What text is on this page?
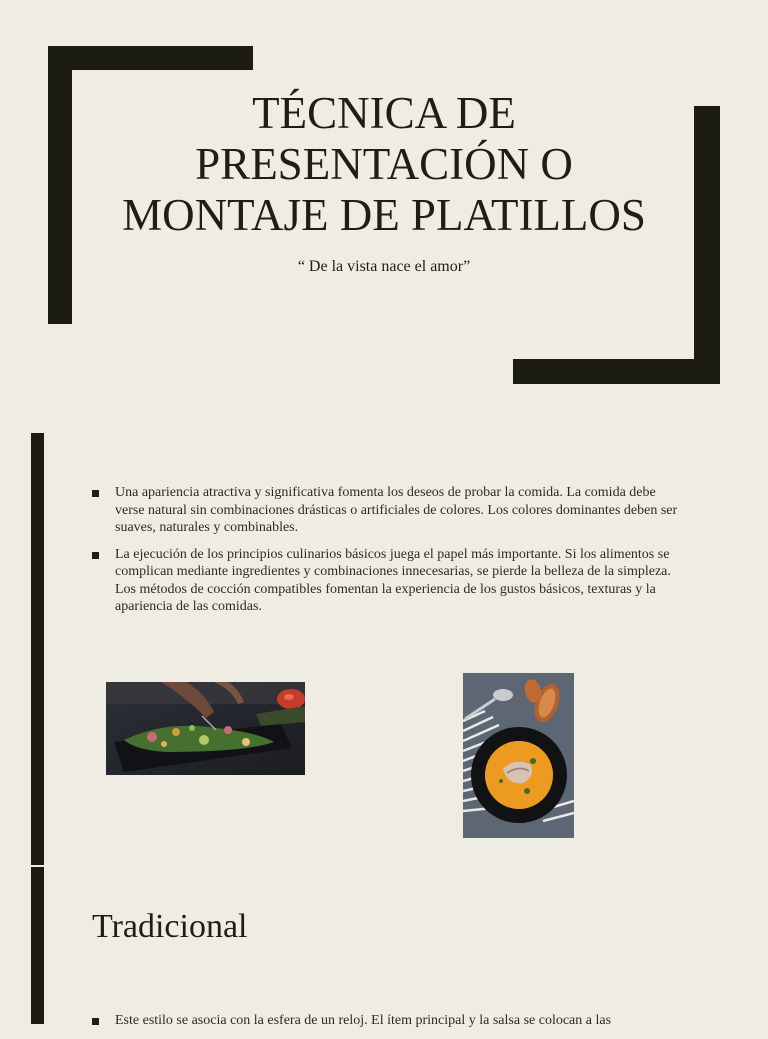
TÉCNICA DE
PRESENTACIÓN O
MONTAJE DE PLATILLOS
“ De la vista nace el amor”
Una apariencia atractiva y significativa fomenta los deseos de probar la comida. La comida debe verse natural sin combinaciones drásticas o artificiales de colores. Los colores dominantes deben ser suaves, naturales y combinables.
La ejecución de los principios culinarios básicos juega el papel más importante. Si los alimentos se complican mediante ingredientes y combinaciones innecesarias, se pierde la belleza de la simpleza. Los métodos de cocción compatibles fomentan la experiencia de los gustos básicos, texturas y la apariencia de las comidas.
Tradicional
Este estilo se asocia con la esfera de un reloj. El ítem principal y la salsa se colocan a las
